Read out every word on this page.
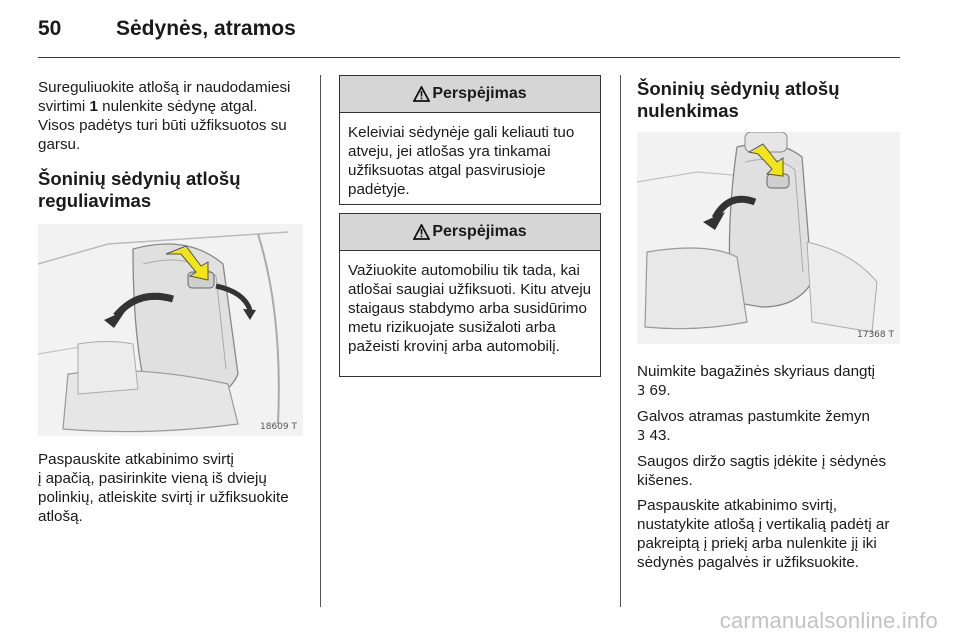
50	Sėdynės, atramos

Sureguliuokite atlošą ir naudodamiesi svirtimi 1 nulenkite sėdynę atgal.

Visos padėtys turi būti užfiksuotos su garsu.

Šoninių sėdynių atlošų
reguliavimas
18609 T

Paspauskite atkabinimo svirtį

į apačią, pasirinkite vieną iš dviejų polinkių, atleiskite svirtį ir užfiksuokite atlošą.

Perspėjimas

Keleiviai sėdynėje gali keliauti tuo atveju, jei atlošas yra tinkamai užfiksuotas atgal pasvirusioje padėtyje.

Perspėjimas

Važiuokite automobiliu tik tada, kai atlošai saugiai užfiksuoti. Kitu atveju staigaus stabdymo arba susidūrimo metu rizikuojate susižaloti arba pažeisti krovinį arba automobilį.

Šoninių sėdynių atlošų
nulenkimas
17368 T

Nuimkite bagažinės skyriaus dangtį
3 69.

Galvos atramas pastumkite žemyn
3 43.

Saugos diržo sagtis įdėkite į sėdynės kišenes.

Paspauskite atkabinimo svirtį, nustatykite atlošą į vertikalią padėtį ar pakreiptą į priekį arba nulenkite jį iki sėdynės pagalvės ir užfiksuokite.

carmanualsonline.info
